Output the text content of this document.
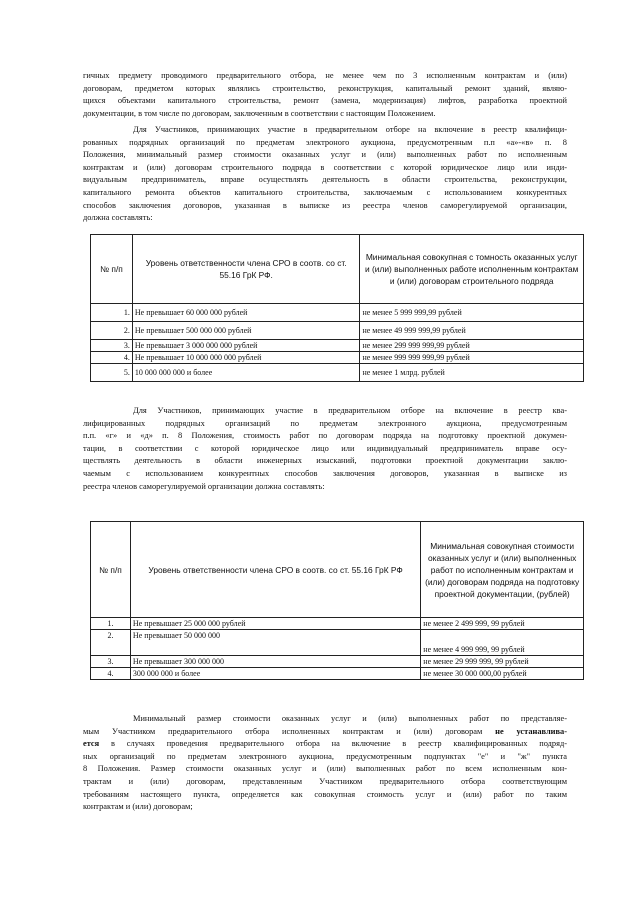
гичных предмету проводимого предварительного отбора, не менее чем по 3 исполненным контрактам и (или)
договорам, предметом которых являлись строительство, реконструкция, капитальный ремонт зданий, являю-
щихся объектами капитального строительства, ремонт (замена, модернизация) лифтов, разработка проектной
документации, в том числе по договорам, заключенным в соответствии с настоящим Положением.
Для Участников, принимающих участие в предварительном отборе на включение в реестр квалифици-
рованных подрядных организаций по предметам электроного аукциона, предусмотренным п.п «а»-«в» п. 8
Положения, минимальный размер стоимости оказанных услуг и (или) выполненных работ по исполненным
контрактам и (или) договорам строительного подряда в соответствии с которой юридическое лицо или инди-
видуальным предприниматель, вправе осуществлять деятельность в области строительства, реконструкции,
капитального ремонта объектов капитального строительства, заключаемым с использованием конкурентных
способов заключения договоров, указанная в выписке из реестра членов саморегулируемой организации,
должна составлять:
№ п/п	Уровень ответственности члена СРО в соотв. со ст. 55.16 ГрК РФ.	Минимальная совокупная с томность оказанных услуг и (или) выполненных работе исполненным контрактам и (или) договорам строительного подряда
1.	Не превышает 60 000 000 рублей	не менее 5 999 999,99 рублей
2.	Не превышает 500 000 000 рублей	не менее 49 999 999,99 рублей
3.	Не превышает 3 000 000 000 рублей	не менее 299 999 999,99 рублей
4.	Не превышает 10 000 000 000 рублей	не менее 999 999 999,99 рублей
5.	10 000 000 000 и более	не менее 1 млрд. рублей
Для Участников, принимающих участие в предварительном отборе на включение в реестр ква-
лифицированных подрядных организаций по предметам электронного аукциона, предусмотренным
п.п. «г» и «д» п. 8 Положения, стоимость работ по договорам подряда на подготовку проектной докумен-
тации, в соответствии с которой юридическое лицо или индивидуальный предприниматель вправе осу-
ществлять деятельность в области инженерных изысканий, подготовки проектной документации заклю-
чаемым с использованием конкурентных способов заключения договоров, указанная в выписке из
реестра членов саморегулируемой организации должна составлять:
№ п/п	Уровень ответственности члена СРО в соотв. со ст. 55.16 ГрК РФ	Минимальная совокупная стоимости оказанных услуг и (или) выполненных работ по исполненным контрактам и (или) договорам подряда на подготовку проектной документации, (рублей)
1.	Не превышает 25 000 000 рублей	не менее 2 499 999, 99 рублей
2.	Не превышает 50 000 000	не менее 4 999 999, 99 рублей
3.	Не превышает 300 000 000	не менее 29 999 999, 99 рублей
4.	300 000 000 и более	не менее 30 000 000,00 рублей
Минимальный размер стоимости оказанных услуг и (или) выполненных работ по представляе-
мым Участником предварительного отбора исполненных контрактам и (или) договорам не устанавлива-
ется в случаях проведения предварительного отбора на включение в реестр квалифицированных подряд-
ных организаций по предметам электронного аукциона, предусмотренным подпунктах "е" и "ж" пункта
8 Положения. Размер стоимости оказанных услуг и (или) выполненных работ по всем исполненным кон-
трактам и (или) договорам, представленным Участником предварительного отбора соответствующим
требованиям настоящего пункта, определяется как совокупная стоимость услуг и (или) работ по таким
контрактам и (или) договорам;
